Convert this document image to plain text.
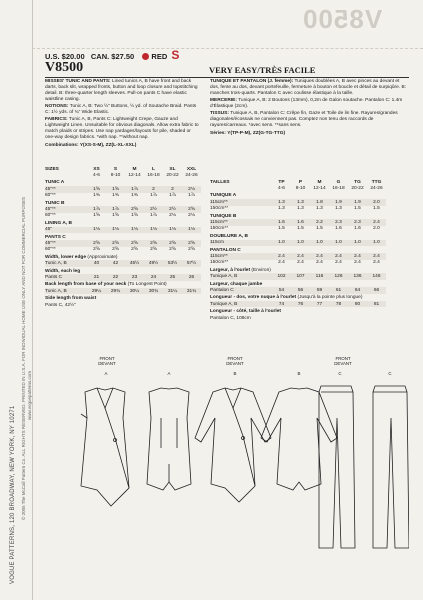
VOGUE PATTERNS, 120 BROADWAY, NEW YORK, NY 10271 © 2005 The McCall Pattern Co. ALL RIGHTS RESERVED. PRINTED IN U.S.A. FOR INDIVIDUAL HOME USE ONLY AND NOT FOR COMMERCIAL PURPOSES www.voguepatterns.com
V8500
U.S. $20.00 CAN. $27.50 RED S
V8500	VERY EASY/TRÈS FACILE

MISSES' TUNIC AND PANTS: Lined tunics A, B have front and back darts, back slit, wrapped fronts, button and loop closure and topstitching detail. B: three-quarter length sleeves. Pull-on pants C have elastic waistline casing.

NOTIONS: Tunic A, B: Two ½" Buttons, ½ yd. of Soutache Braid. Pants C: 1½ yds. of ¾" Wide Elastic.

FABRICS: Tunic A, B, Pants C: Lightweight Crepe, Gauze and Lightweight Linen. Unsuitable for obvious diagonals. Allow extra fabric to match plaids or stripes. Use nap yardages/layouts for pile, shaded or one-way design fabrics. *with nap. **without nap.

Combinations: Y(XS-S-M), ZZ(L-XL-XXL)

SIZES	XS	S	M	L	XL	XXL
	4-6	8-10	12-14	16-18	20-22	24-26
TUNIC A						
45"**	1⅝	1⅝	1⅞	2	2	2⅛
60"**	1⅜	1⅜	1⅜	1⅞	1⅞	1⅞
TUNIC B						
45"**	1⅞	1⅞	2⅝	2½	2½	2⅝
60"**	1⅝	1⅝	1⅝	1⅞	2⅛	2⅛
LINING A, B						
45"	1⅛	1⅛	1⅛	1⅛	1⅛	1⅛
PANTS C						
45"**	2⅝	2⅝	2⅝	2⅝	2⅝	2⅝
60"**	2⅝	2⅝	2⅝	2⅝	2⅝	2⅝
Width, lower edge (Approximate)						
Tunic A, B	40	42	45½	49½	53½	57½
Width, each leg						
Pants C	21	22	23	24	25	26
Back length from base of your neck (To Longest Point)						
Tunic A, B	29¼	29¾	30¼	30¾	31¼	31¾
Side length from waist						
Pants C, 42½"						

TUNIQUE ET PANTALON (J. femme): Tuniques doublées A, B avec pinces au devant et dos, fente au dos, devant portefeuille, fermeture à bouton et boucle et détail de surpiqûre. B: manches trois-quarts. Pantalon C avec coulisse élastique à la taille.

MERCERIE: Tunique A, B: 2 Boutons (13mm), 0,2m de Galon soutache. Pantalon C: 1.4m d'Élastique (2cm).

TISSUS: Tunique A, B, Pantalon C: Crêpe fin, Gaze et Toile de lin fine. Rayures/grandes diagonales/écossais ne conviennent pas. Comptez non tenu des raccords de rayures/carreaux. *avec sens. **sans sens.

Séries: Y(TP-P-M), ZZ(G-TG-TTG)

TAILLES	TP	P	M	G	TG	TTG
	4-6	8-10	12-14	16-18	20-22	24-26
TUNIQUE A						
115cm**	1.3	1.3	1.8	1.9	1.9	2.0
150cm**	1.3	1.3	1.3	1.3	1.5	1.5
TUNIQUE B						
115cm**	1.6	1.6	2.2	2.3	2.3	2.4
150cm**	1.5	1.5	1.5	1.6	1.6	2.0
DOUBLURE A, B						
115cm	1.0	1.0	1.0	1.0	1.0	1.0
PANTALON C						
115cm**	2.4	2.4	2.4	2.4	2.4	2.4
150cm**	2.4	2.4	2.4	2.4	2.4	2.4
Largeur, à l'ourlet (Environ)						
Tunique A, B	102	107	116	126	136	146
Largeur, chaque jambe						
Pantalon C	54	56	59	61	64	66
Longueur - dos, votre nuque à l'ourlet (Jusqu'à la pointe plus longue)						
Tunique A, B	74	76	77	78	80	81
Longueur - côté, taille à l'ourlet						
Pantalon C, 108cm						
FRONT
DEVANT
A	A
FRONT
DEVANT
B	B
FRONT
DEVANT
C	C
